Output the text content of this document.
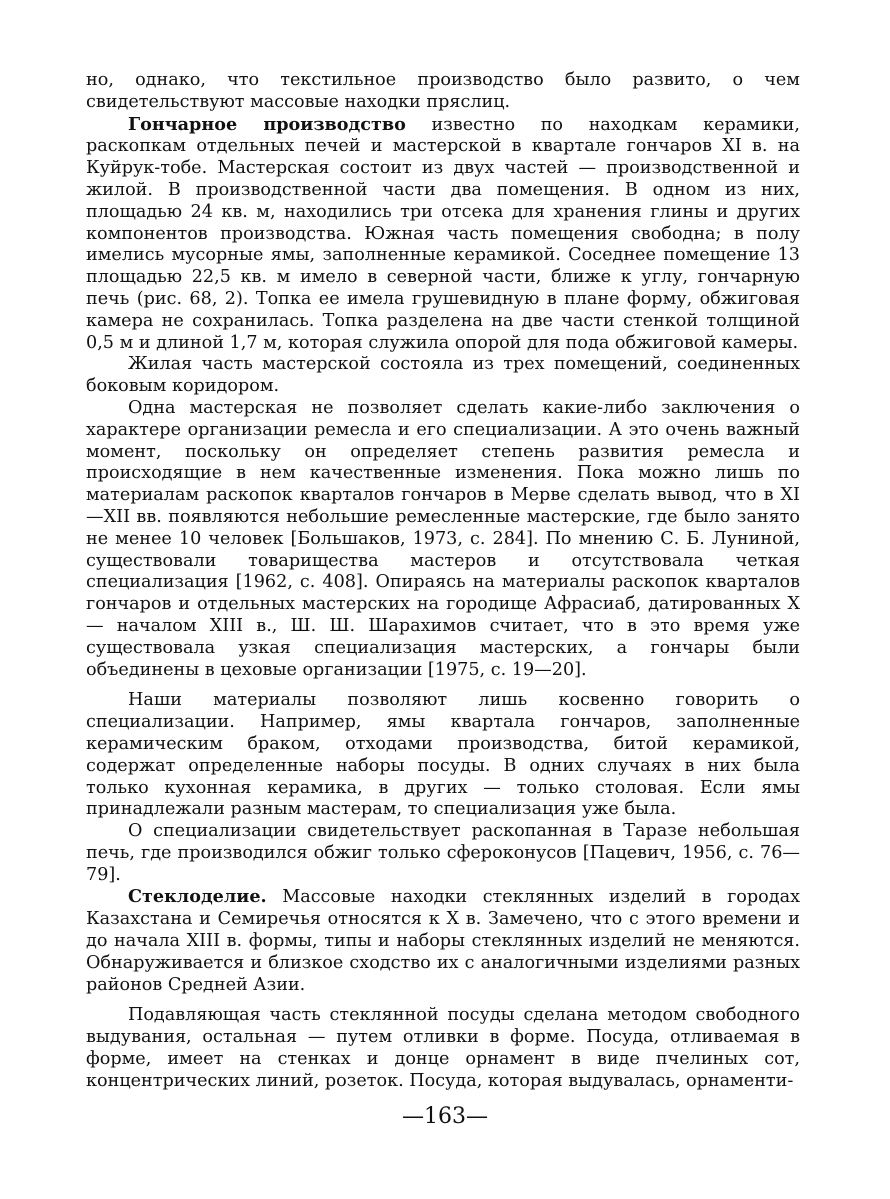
но, однако, что текстильное производство было развито, о чем свидетельствуют массовые находки пряслиц.

Гончарное производство известно по находкам керамики, раскопкам отдельных печей и мастерской в квартале гончаров XI в. на Куйрук-тобе. Мастерская состоит из двух частей — производственной и жилой. В производственной части два помещения. В одном из них, площадью 24 кв. м, находились три отсека для хранения глины и других компонентов производства. Южная часть помещения свободна; в полу имелись мусорные ямы, заполненные керамикой. Соседнее помещение 13 площадью 22,5 кв. м имело в северной части, ближе к углу, гончарную печь (рис. 68, 2). Топка ее имела грушевидную в плане форму, обжиговая камера не сохранилась. Топка разделена на две части стенкой толщиной 0,5 м и длиной 1,7 м, которая служила опорой для пода обжиговой камеры.

Жилая часть мастерской состояла из трех помещений, соединенных боковым коридором.

Одна мастерская не позволяет сделать какие-либо заключения о характере организации ремесла и его специализации. А это очень важный момент, поскольку он определяет степень развития ремесла и происходящие в нем качественные изменения. Пока можно лишь по материалам раскопок кварталов гончаров в Мерве сделать вывод, что в XI—XII вв. появляются небольшие ремесленные мастерские, где было занято не менее 10 человек [Большаков, 1973, с. 284]. По мнению С. Б. Луниной, существовали товарищества мастеров и отсутствовала четкая специализация [1962, с. 408]. Опираясь на материалы раскопок кварталов гончаров и отдельных мастерских на городище Афрасиаб, датированных X — началом XIII в., Ш. Ш. Шарахимов считает, что в это время уже существовала узкая специализация мастерских, а гончары были объединены в цеховые организации [1975, с. 19—20].

Наши материалы позволяют лишь косвенно говорить о специализации. Например, ямы квартала гончаров, заполненные керамическим браком, отходами производства, битой керамикой, содержат определенные наборы посуды. В одних случаях в них была только кухонная керамика, в других — только столовая. Если ямы принадлежали разным мастерам, то специализация уже была.

О специализации свидетельствует раскопанная в Таразе небольшая печь, где производился обжиг только сфероконусов [Пацевич, 1956, с. 76—79].

Стеклоделие. Массовые находки стеклянных изделий в городах Казахстана и Семиречья относятся к X в. Замечено, что с этого времени и до начала XIII в. формы, типы и наборы стеклянных изделий не меняются. Обнаруживается и близкое сходство их с аналогичными изделиями разных районов Средней Азии.

Подавляющая часть стеклянной посуды сделана методом свободного выдувания, остальная — путем отливки в форме. Посуда, отливаемая в форме, имеет на стенках и донце орнамент в виде пчелиных сот, концентрических линий, розеток. Посуда, которая выдувалась, орнаменти-

—163—
